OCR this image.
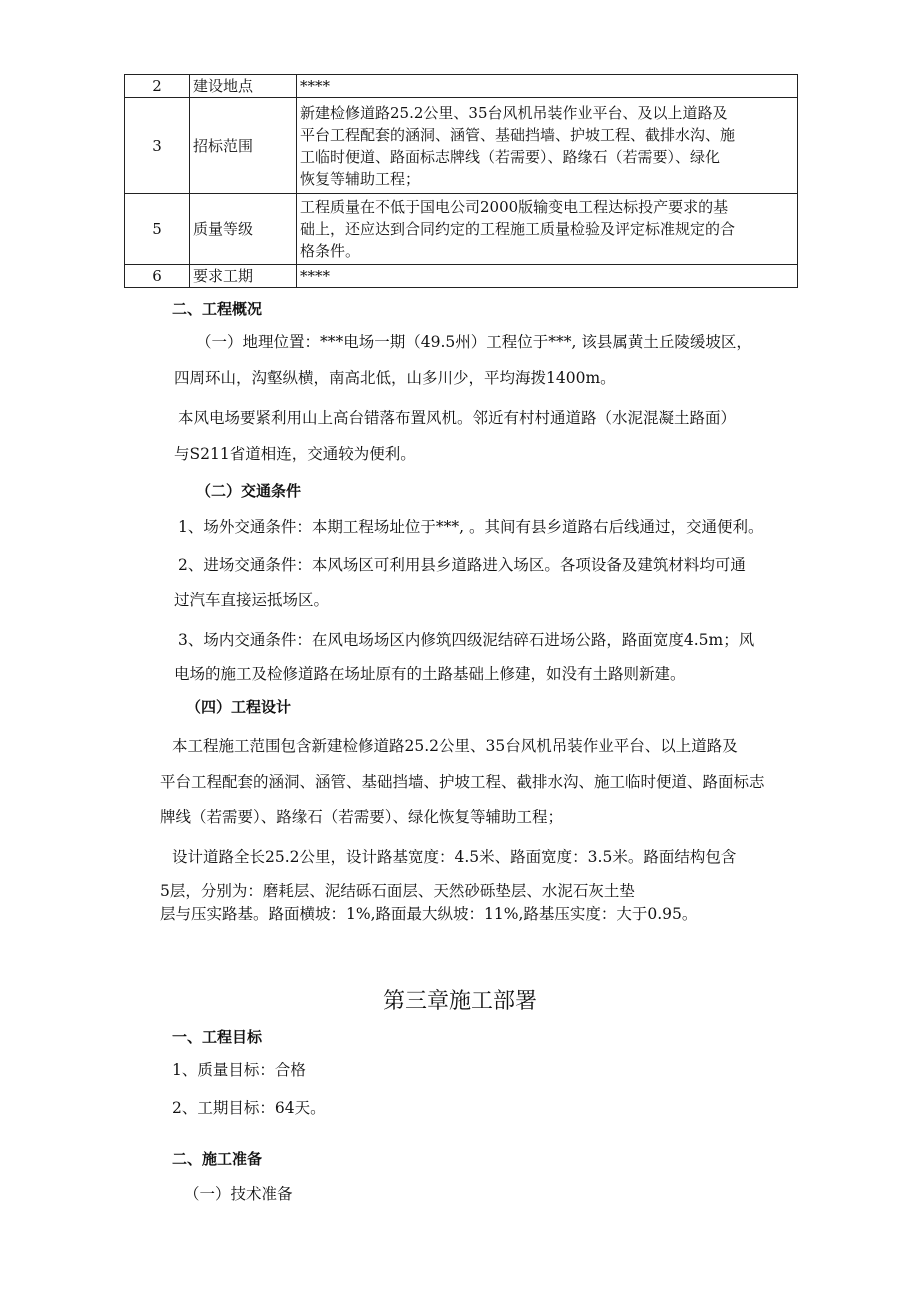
2	建设地点	****
3	招标范围	新建检修道路25.2公里、35台风机吊装作业平台、及以上道路及
平台工程配套的涵洞、涵管、基础挡墙、护坡工程、截排水沟、施
工临时便道、路面标志牌线（若需要）、路缘石（若需要）、绿化
恢复等辅助工程；

5	质量等级	工程质量在不低于国电公司2000版输变电工程达标投产要求的基
础上，还应达到合同约定的工程施工质量检验及评定标准规定的合
格条件。

6	要求工期	****
二、工程概况
（一）地理位置：***电场一期（49.5州）工程位于***, 该县属黄土丘陵缓坡区，
四周环山，沟壑纵横，南高北低，山多川少，平均海拨1400m。
本风电场要紧利用山上高台错落布置风机。邻近有村村通道路（水泥混凝土路面）
与S211省道相连，交通较为便利。
（二）交通条件
1、场外交通条件：本期工程场址位于***, 。其间有县乡道路右后线通过，交通便利。
2、进场交通条件：本风场区可利用县乡道路进入场区。各项设备及建筑材料均可通
过汽车直接运抵场区。
3、场内交通条件：在风电场场区内修筑四级泥结碎石进场公路，路面宽度4.5m；风
电场的施工及检修道路在场址原有的土路基础上修建，如没有土路则新建。
（四）工程设计
本工程施工范围包含新建检修道路25.2公里、35台风机吊装作业平台、以上道路及
平台工程配套的涵洞、涵管、基础挡墙、护坡工程、截排水沟、施工临时便道、路面标志
牌线（若需要）、路缘石（若需要）、绿化恢复等辅助工程；
设计道路全长25.2公里，设计路基宽度：4.5米、路面宽度：3.5米。路面结构包含
5层，分别为：磨耗层、泥结砾石面层、天然砂砾垫层、水泥石灰土垫
层与压实路基。路面横坡：1%,路面最大纵坡：11%,路基压实度：大于0.95。
第三章施工部署
一、工程目标
1、质量目标：合格
2、工期目标：64天。
二、施工准备
（一）技术准备
